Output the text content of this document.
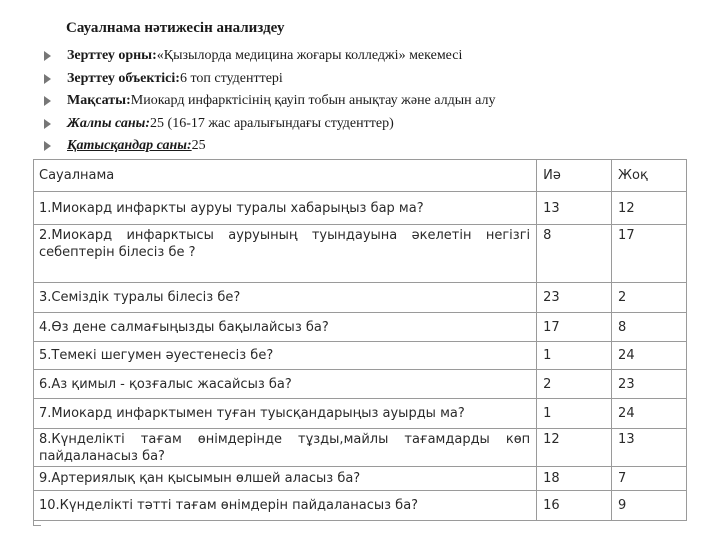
Сауалнама нәтижесін анализдеу
Зерттеу орны: «Қызылорда медицина жоғары колледжі» мекемесі
Зерттеу объектісі: 6 топ студенттері
Мақсаты: Миокард инфарктісінің қауіп тобын анықтау және алдын алу
Жалпы саны: 25 (16-17 жас аралығындағы студенттер)
Қатысқандар саны: 25
Сауалнама	Иә	Жоқ
1.Миокард инфаркты ауруы туралы хабарыңыз бар ма?	13	12
2.Миокард инфарктысы ауруының туындауына әкелетін негізгі себептерін білесіз бе ?	8	17
3.Семіздік туралы білесіз бе?	23	2
4.Өз дене салмағыңызды бақылайсыз ба?	17	8
5.Темекі шегумен әуестенесіз бе?	1	24
6.Аз қимыл - қозғалыс жасайсыз ба?	2	23
7.Миокард инфарктымен туған туысқандарыңыз ауырды ма?	1	24
8.Күнделікті тағам өнімдерінде тұзды,майлы тағамдарды көп пайдаланасыз ба?	12	13
9.Артериялық қан қысымын өлшей аласыз ба?	18	7
10.Күнделікті тәтті тағам өнімдерін пайдаланасыз ба?	16	9
